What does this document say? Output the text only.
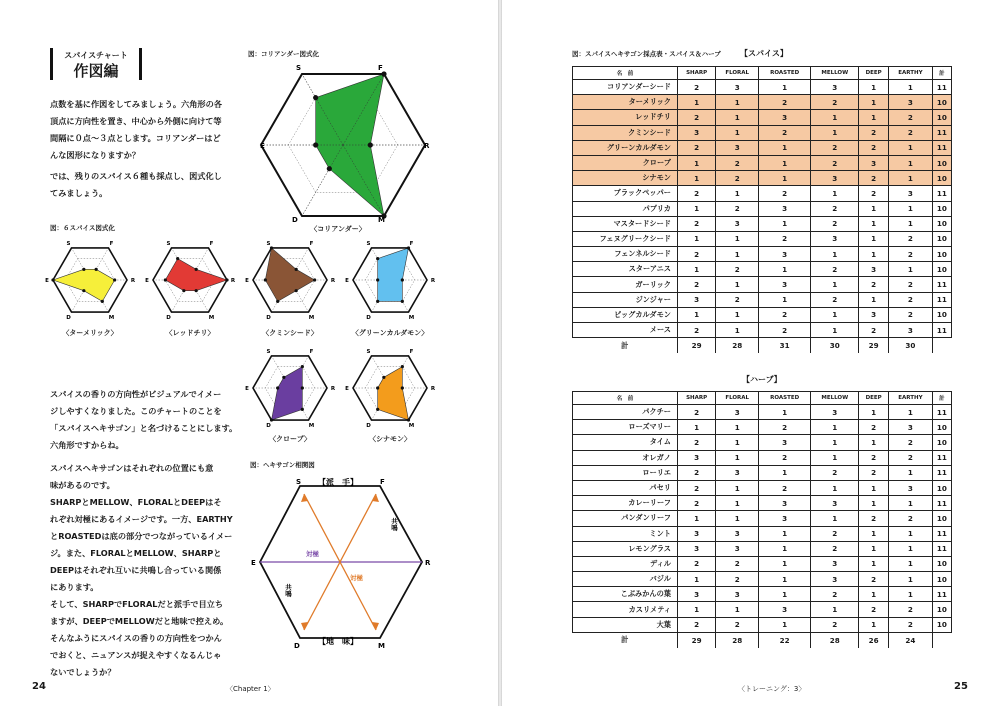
スパイスチャート
作図編
点数を基に作図をしてみましょう。六角形の各
頂点に方向性を置き、中心から外側に向けて等
間隔に０点〜３点とします。コリアンダーはど
んな図形になりますか？
では、残りのスパイス６種も採点し、図式化し
てみましょう。
図：コリアンダー図式化
S	F
R
M
D
E
〈コリアンダー〉
図：６スパイス図式化
S	F
R
M
D
E
S	F
R
M
D
E
S	F
R
M
D
E
S	F
R
M
D
E
〈ターメリック〉	〈レッドチリ〉	〈クミンシード〉	〈グリーンカルダモン〉
S	F
R
M
D
E
S	F
R
M
D
E
〈クローブ〉	〈シナモン〉
スパイスの香りの方向性がビジュアルでイメー
ジしやすくなりました。このチャートのことを
「スパイスヘキサゴン」と名づけることにします。
六角形ですからね。
スパイスヘキサゴンはそれぞれの位置にも意
味があるのです。
SHARPとMELLOW、FLORALとDEEPはそ
れぞれ対極にあるイメージです。一方、EARTHY
とROASTEDは底の部分でつながっているイメー
ジ。また、FLORALとMELLOW、SHARPと
DEEPはそれぞれ互いに共鳴し合っている関係
にあります。
そして、SHARPでFLORALだと派手で目立ち
ますが、DEEPでMELLOWだと地味で控えめ。
そんなふうにスパイスの香りの方向性をつかん
でおくと、ニュアンスが捉えやすくなるんじゃ
ないでしょうか？
図：ヘキサゴン相関図
S	F
R
M
D
E
【派　手】
【地　味】
対極
対極
共鳴
共鳴
24	〈Chapter 1〉
図：スパイスヘキサゴン採点表・スパイス＆ハーブ 【スパイス】
名　前	SHARP	FLORAL	ROASTED	MELLOW	DEEP	EARTHY	計
コリアンダーシード	2	3	1	3	1	1	11
ターメリック	1	1	2	2	1	3	10
レッドチリ	2	1	3	1	1	2	10
クミンシード	3	1	2	1	2	2	11
グリーンカルダモン	2	3	1	2	2	1	11
クローブ	1	2	1	2	3	1	10
シナモン	1	2	1	3	2	1	10
ブラックペッパー	2	1	2	1	2	3	11
パプリカ	1	2	3	2	1	1	10
マスタードシード	2	3	1	2	1	1	10
フェヌグリークシード	1	1	2	3	1	2	10
フェンネルシード	2	1	3	1	1	2	10
スターアニス	1	2	1	2	3	1	10
ガーリック	2	1	3	1	2	2	11
ジンジャー	3	2	1	2	1	2	11
ビッグカルダモン	1	1	2	1	3	2	10
メース	2	1	2	1	2	3	11
計	29	28	31	30	29	30	
【ハーブ】
名　前	SHARP	FLORAL	ROASTED	MELLOW	DEEP	EARTHY	計
パクチー	2	3	1	3	1	1	11
ローズマリー	1	1	2	1	2	3	10
タイム	2	1	3	1	1	2	10
オレガノ	3	1	2	1	2	2	11
ローリエ	2	3	1	2	2	1	11
パセリ	2	1	2	1	1	3	10
カレーリーフ	2	1	3	3	1	1	11
パンダンリーフ	1	1	3	1	2	2	10
ミント	3	3	1	2	1	1	11
レモングラス	3	3	1	2	1	1	11
ディル	2	2	1	3	1	1	10
バジル	1	2	1	3	2	1	10
こぶみかんの葉	3	3	1	2	1	1	11
カスリメティ	1	1	3	1	2	2	10
大葉	2	2	1	2	1	2	10
計	29	28	22	28	26	24	
〈トレーニング：3〉	25
